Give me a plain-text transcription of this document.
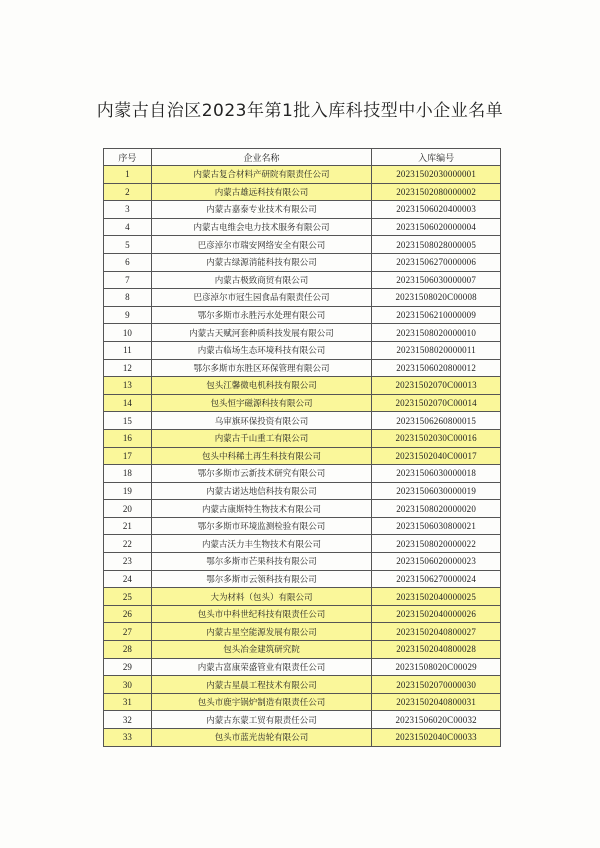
内蒙古自治区2023年第1批入库科技型中小企业名单
序号	企业名称	入库编号
1	内蒙古复合材料产研院有限责任公司	20231502030000001
2	内蒙古雄远科技有限公司	20231502080000002
3	内蒙古嘉泰专业技术有限公司	20231506020400003
4	内蒙古电维会电力技术服务有限公司	20231506020000004
5	巴彦淖尔市瑞安网络安全有限公司	20231508028000005
6	内蒙古绿源消能科技有限公司	20231506270000006
7	内蒙古极致商贸有限公司	20231506030000007
8	巴彦淖尔市冠生园食品有限责任公司	20231508020C00008
9	鄂尔多斯市永胜污水处理有限公司	20231506210000009
10	内蒙古天赋河套种质科技发展有限公司	20231508020000010
11	内蒙古临场生态环境科技有限公司	20231508020000011
12	鄂尔多斯市东胜区环保管理有限公司	20231506020800012
13	包头江馨微电机科技有限公司	20231502070C00013
14	包头恒宇磁源科技有限公司	20231502070C00014
15	乌审旗环保投资有限公司	20231506260800015
16	内蒙古千山重工有限公司	20231502030C00016
17	包头中科稀土再生科技有限公司	20231502040C00017
18	鄂尔多斯市云新技术研究有限公司	20231506030000018
19	内蒙古诺达地信科技有限公司	20231506030000019
20	内蒙古康斯特生物技术有限公司	20231508020000020
21	鄂尔多斯市环境监测检验有限公司	20231506030800021
22	内蒙古沃力丰生物技术有限公司	20231508020000022
23	鄂尔多斯市芒果科技有限公司	20231506020000023
24	鄂尔多斯市云领科技有限公司	20231506270000024
25	大为材料（包头）有限公司	20231502040000025
26	包头市中科世纪科技有限责任公司	20231502040000026
27	内蒙古星空能源发展有限公司	20231502040800027
28	包头冶金建筑研究院	20231502040800028
29	内蒙古富康荣盛管业有限责任公司	20231508020C00029
30	内蒙古星晨工程技术有限公司	20231502070000030
31	包头市鹿宇锅炉制造有限责任公司	20231502040800031
32	内蒙古东蒙工贸有限责任公司	20231506020C00032
33	包头市蓝光齿轮有限公司	20231502040C00033
